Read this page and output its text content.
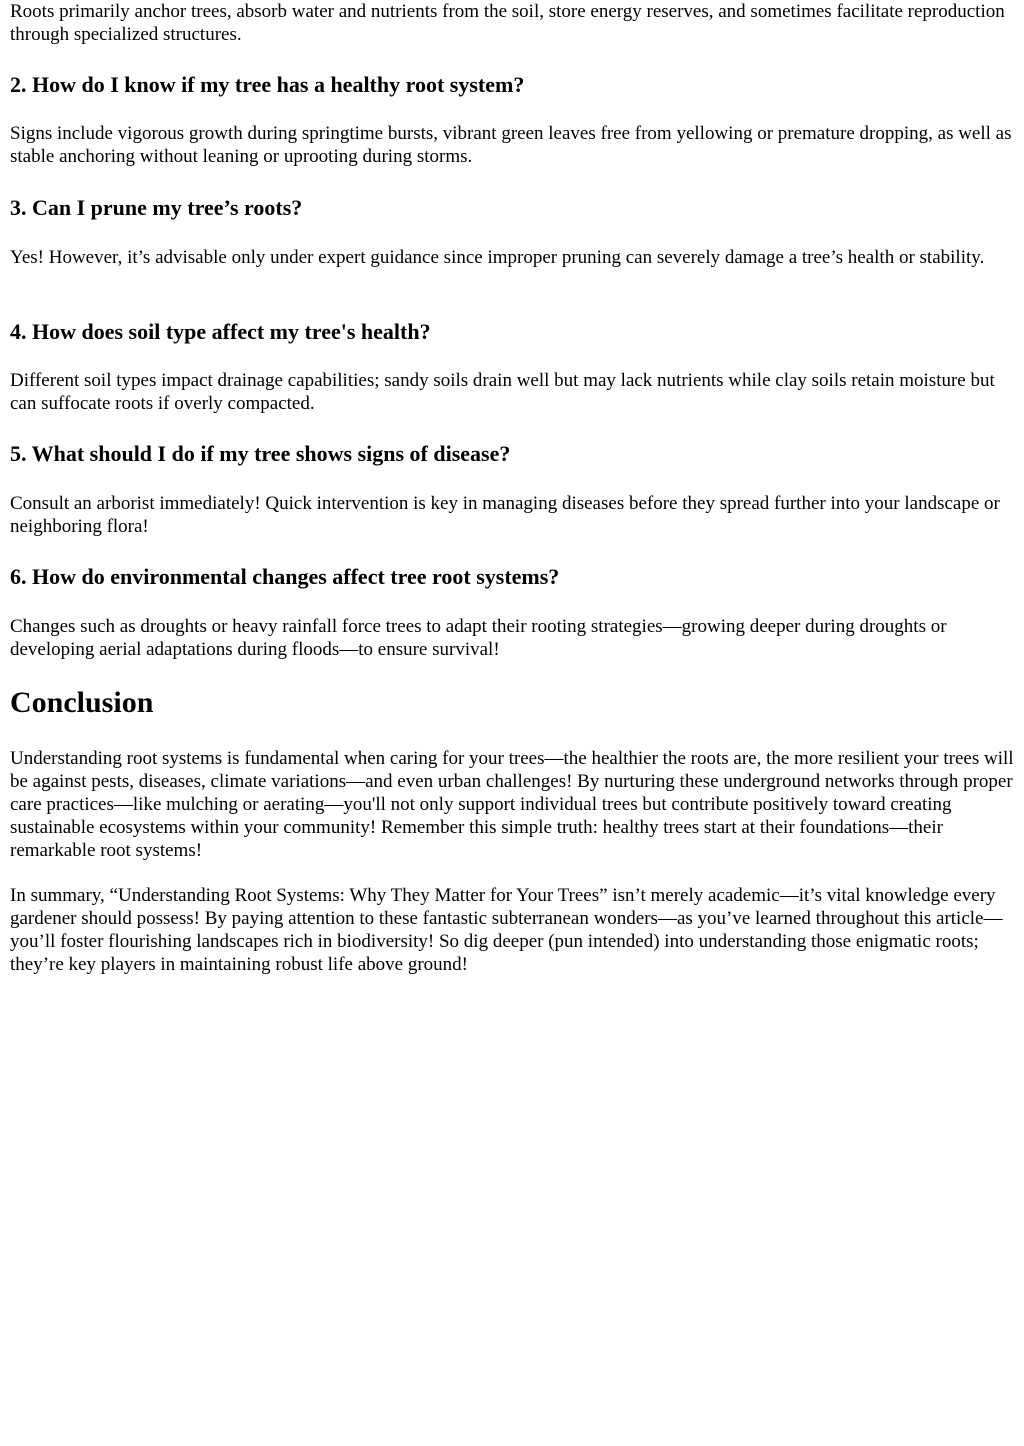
Roots primarily anchor trees, absorb water and nutrients from the soil, store energy reserves, and sometimes facilitate reproduction through specialized structures.

2. How do I know if my tree has a healthy root system?

Signs include vigorous growth during springtime bursts, vibrant green leaves free from yellowing or premature dropping, as well as stable anchoring without leaning or uprooting during storms.

3. Can I prune my tree’s roots?

Yes! However, it’s advisable only under expert guidance since improper pruning can severely damage a tree’s health or stability.

4. How does soil type affect my tree's health?

Different soil types impact drainage capabilities; sandy soils drain well but may lack nutrients while clay soils retain moisture but can suffocate roots if overly compacted.

5. What should I do if my tree shows signs of disease?

Consult an arborist immediately! Quick intervention is key in managing diseases before they spread further into your landscape or neighboring flora!

6. How do environmental changes affect tree root systems?

Changes such as droughts or heavy rainfall force trees to adapt their rooting strategies—growing deeper during droughts or developing aerial adaptations during floods—to ensure survival!

Conclusion

Understanding root systems is fundamental when caring for your trees—the healthier the roots are, the more resilient your trees will be against pests, diseases, climate variations—and even urban challenges! By nurturing these underground networks through proper care practices—like mulching or aerating—you'll not only support individual trees but contribute positively toward creating sustainable ecosystems within your community! Remember this simple truth: healthy trees start at their foundations—their remarkable root systems!

In summary, “Understanding Root Systems: Why They Matter for Your Trees” isn’t merely academic—it’s vital knowledge every gardener should possess! By paying attention to these fantastic subterranean wonders—as you’ve learned throughout this article—you’ll foster flourishing landscapes rich in biodiversity! So dig deeper (pun intended) into understanding those enigmatic roots; they’re key players in maintaining robust life above ground!
